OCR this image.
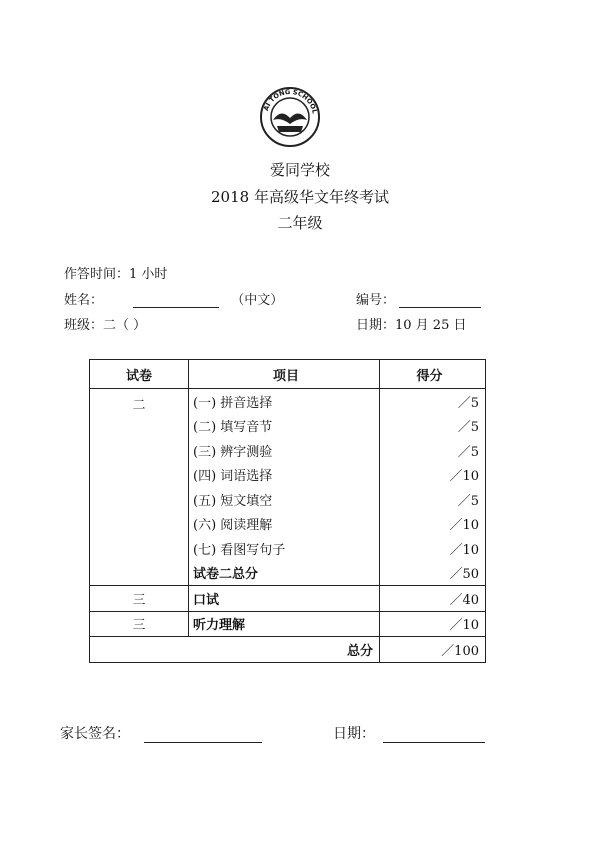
AI TONG SCHOOL
爱同学校
2018 年高级华文年终考试
二年级
作答时间：1 小时
姓名：	（中文）	编号：
班级：二（ ）	日期：10 月 25 日
试卷	项目	得分
二	(一) 拼音选择	／5
	(二) 填写音节	／5
	(三) 辨字测验	／5
	(四) 词语选择	／10
	(五) 短文填空	／5
	(六) 阅读理解	／10
	(七) 看图写句子	／10
	试卷二总分	／50
三	口试	／40
三	听力理解	／10
总分		／100
家长签名：	日期：
